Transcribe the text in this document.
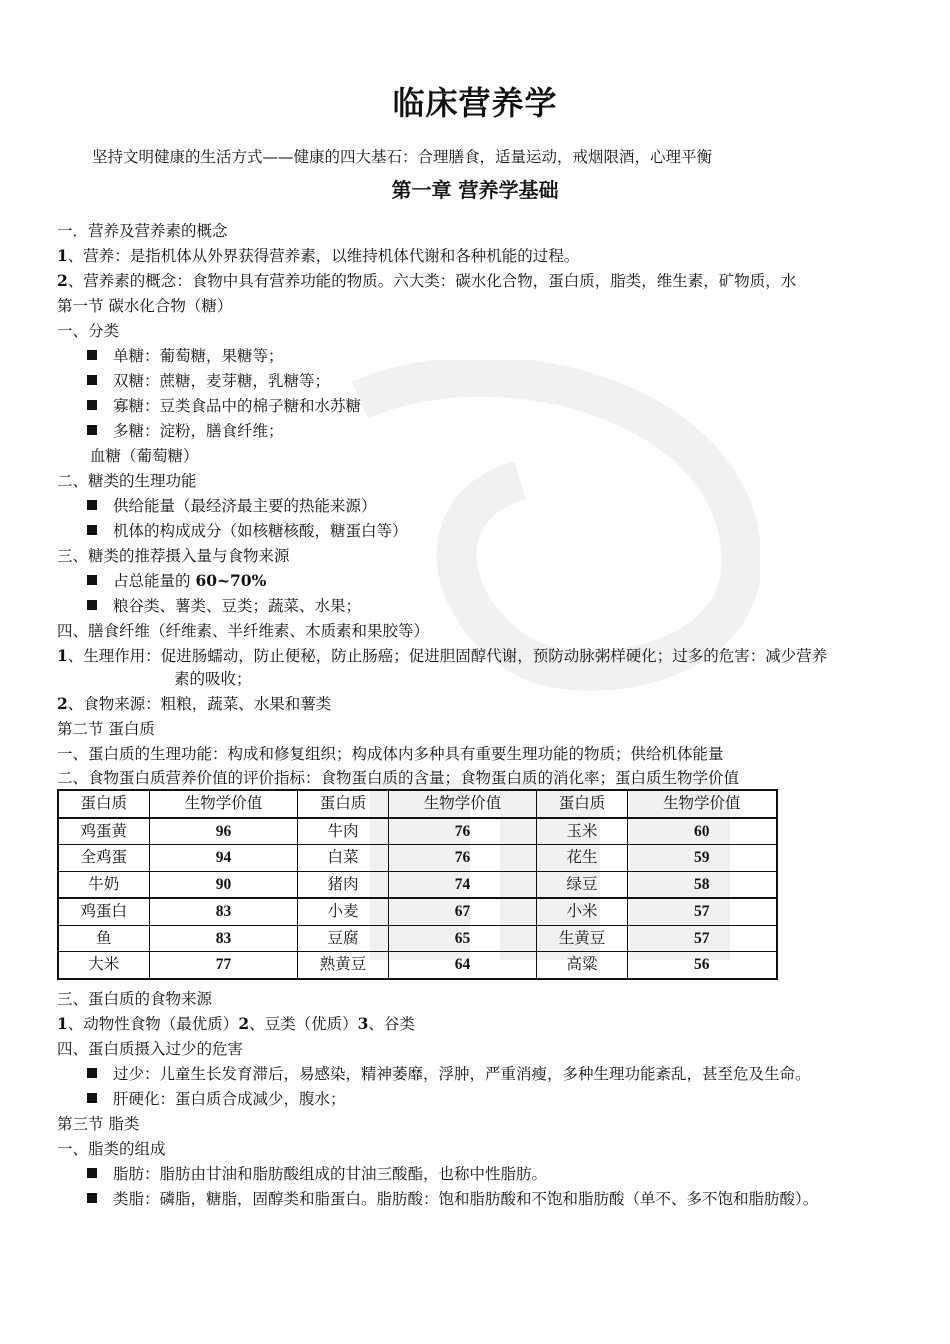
临床营养学
坚持文明健康的生活方式——健康的四大基石：合理膳食，适量运动，戒烟限酒，心理平衡
第一章 营养学基础
一．营养及营养素的概念
1、营养：是指机体从外界获得营养素，以维持机体代谢和各种机能的过程。
2、营养素的概念：食物中具有营养功能的物质。六大类：碳水化合物，蛋白质，脂类，维生素，矿物质，水
第一节 碳水化合物（糖）
一、分类
单糖：葡萄糖，果糖等；
双糖：蔗糖，麦芽糖，乳糖等；
寡糖：豆类食品中的棉子糖和水苏糖
多糖：淀粉，膳食纤维；
血糖（葡萄糖）
二、糖类的生理功能
供给能量（最经济最主要的热能来源）
机体的构成成分（如核糖核酸，糖蛋白等）
三、糖类的推荐摄入量与食物来源
占总能量的 60~70%
粮谷类、薯类、豆类；蔬菜、水果；
四、膳食纤维（纤维素、半纤维素、木质素和果胶等）
1、生理作用：促进肠蠕动，防止便秘，防止肠癌；促进胆固醇代谢，预防动脉粥样硬化；过多的危害：减少营养
素的吸收；
2、食物来源：粗粮，蔬菜、水果和薯类
第二节 蛋白质
一、蛋白质的生理功能：构成和修复组织；构成体内多种具有重要生理功能的物质；供给机体能量
二、食物蛋白质营养价值的评价指标：食物蛋白质的含量；食物蛋白质的消化率；蛋白质生物学价值
蛋白质	生物学价值	蛋白质	生物学价值	蛋白质	生物学价值
鸡蛋黄	96	牛肉	76	玉米	60
全鸡蛋	94	白菜	76	花生	59
牛奶	90	猪肉	74	绿豆	58
鸡蛋白	83	小麦	67	小米	57
鱼	83	豆腐	65	生黄豆	57
大米	77	熟黄豆	64	高粱	56
三、蛋白质的食物来源
1、动物性食物（最优质）2、豆类（优质）3、谷类
四、蛋白质摄入过少的危害
过少：儿童生长发育滞后，易感染，精神萎靡，浮肿，严重消瘦，多种生理功能紊乱，甚至危及生命。
肝硬化：蛋白质合成减少，腹水；
第三节 脂类
一、脂类的组成
脂肪：脂肪由甘油和脂肪酸组成的甘油三酸酯，也称中性脂肪。
类脂：磷脂，糖脂，固醇类和脂蛋白。脂肪酸：饱和脂肪酸和不饱和脂肪酸（单不、多不饱和脂肪酸）。
